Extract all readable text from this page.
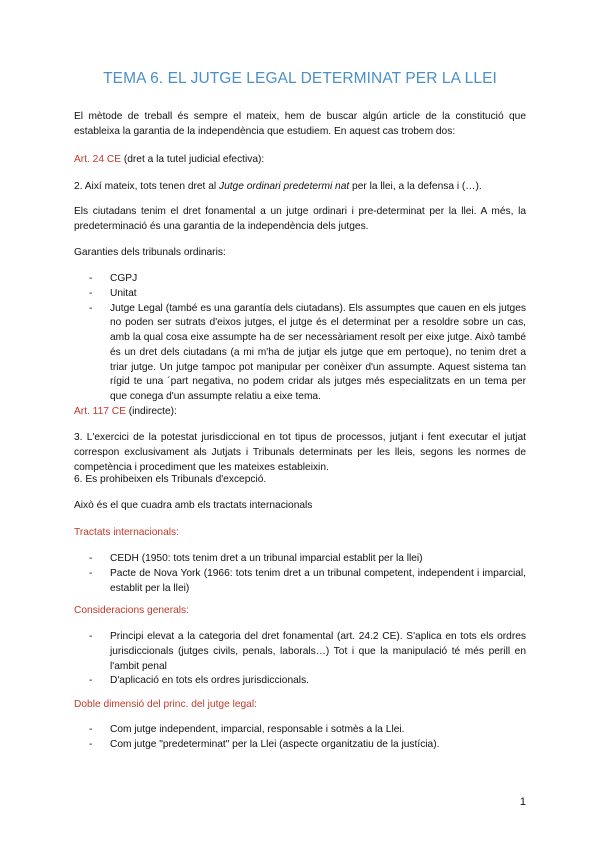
TEMA 6. EL JUTGE LEGAL DETERMINAT PER LA LLEI

El mètode de treball és sempre el mateix, hem de buscar algún article de la constitució que estableixa la garantia de la independència que estudiem. En aquest cas trobem dos:

Art. 24 CE (dret a la tutel judicial efectiva):

2. Així mateix, tots tenen dret al Jutge ordinari predetermi nat per la llei, a la defensa i (…).

Els ciutadans tenim el dret fonamental a un jutge ordinari i pre-determinat per la llei. A més, la predeterminació és una garantia de la independència dels jutges.

Garanties dels tribunals ordinaris:

- CGPJ
- Unitat
- Jutge Legal (també es una garantía dels ciutadans). Els assumptes que cauen en els jutges no poden ser sutrats d'eixos jutges, el jutge és el determinat per a resoldre sobre un cas, amb la qual cosa eixe assumpte ha de ser necessàriament resolt per eixe jutge. Això també és un dret dels ciutadans (a mi m'ha de jutjar els jutge que em pertoque), no tenim dret a triar jutge. Un jutge tampoc pot manipular per conèixer d'un assumpte. Aquest sistema tan rígid te una ´part negativa, no podem cridar als jutges més especialitzats en un tema per que conega d'un assumpte relatiu a eixe tema.

Art. 117 CE (indirecte):

3. L'exercici de la potestat jurisdiccional en tot tipus de processos, jutjant i fent executar el jutjat correspon exclusivament als Jutjats i Tribunals determinats per les lleis, segons les normes de competència i procediment que les mateixes estableixin.

6. Es prohibeixen els Tribunals d'excepció.

Això és el que cuadra amb els tractats internacionals

Tractats internacionals:

- CEDH (1950: tots tenim dret a un tribunal imparcial establit per la llei)
- Pacte de Nova York (1966: tots tenim dret a un tribunal competent, independent i imparcial, establit per la llei)

Consideracions generals:

- Principi elevat a la categoria del dret fonamental (art. 24.2 CE). S'aplica en tots els ordres jurisdiccionals (jutges civils, penals, laborals…) Tot i que la manipulació té més perill en l'ambit penal
- D'aplicació en tots els ordres jurisdiccionals.

Doble dimensió del princ. del jutge legal:

- Com jutge independent, imparcial, responsable i sotmès a la Llei.
- Com jutge "predeterminat" per la Llei (aspecte organitzatiu de la justícia).
1
